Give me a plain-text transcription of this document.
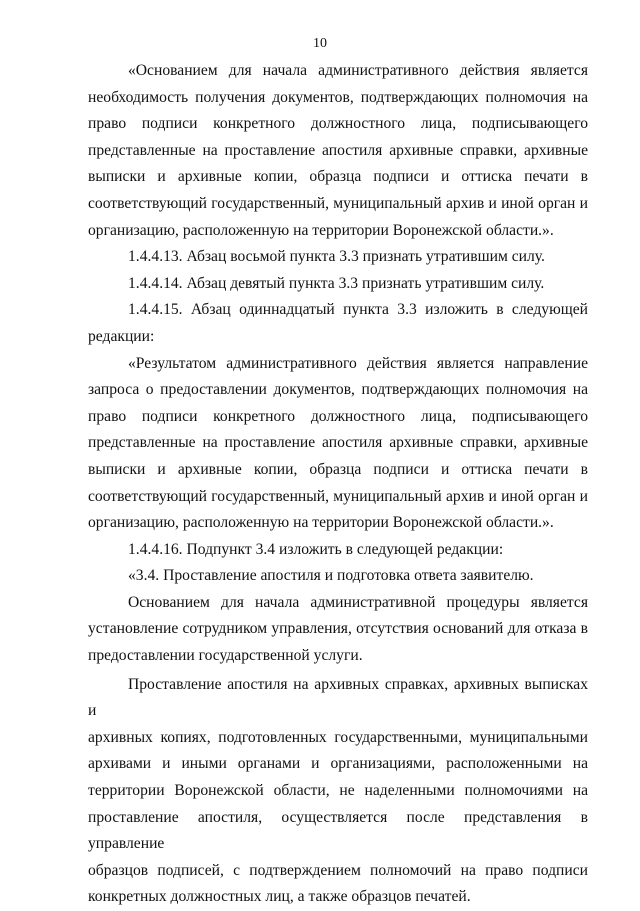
10
«Основанием для начала административного действия является
необходимость получения документов, подтверждающих полномочия на
право подписи конкретного должностного лица, подписывающего
представленные на проставление апостиля архивные справки, архивные
выписки и архивные копии, образца подписи и оттиска печати в
соответствующий государственный, муниципальный архив и иной орган и
организацию, расположенную на территории Воронежской области.».
1.4.4.13. Абзац восьмой пункта 3.3 признать утратившим силу.
1.4.4.14. Абзац девятый пункта 3.3 признать утратившим силу.
1.4.4.15. Абзац одиннадцатый пункта 3.3 изложить в следующей
редакции:
«Результатом административного действия является направление
запроса о предоставлении документов, подтверждающих полномочия на
право подписи конкретного должностного лица, подписывающего
представленные на проставление апостиля архивные справки, архивные
выписки и архивные копии, образца подписи и оттиска печати в
соответствующий государственный, муниципальный архив и иной орган и
организацию, расположенную на территории Воронежской области.».
1.4.4.16. Подпункт 3.4 изложить в следующей редакции:
«3.4. Проставление апостиля и подготовка ответа заявителю.
Основанием для начала административной процедуры является
установление сотрудником управления, отсутствия оснований для отказа в
предоставлении государственной услуги.
Проставление апостиля на архивных справках, архивных выписках и
архивных копиях, подготовленных государственными, муниципальными
архивами и иными органами и организациями, расположенными на
территории Воронежской области, не наделенными полномочиями на
проставление апостиля, осуществляется после представления в управление
образцов подписей, с подтверждением полномочий на право подписи
конкретных должностных лиц, а также образцов печатей.
